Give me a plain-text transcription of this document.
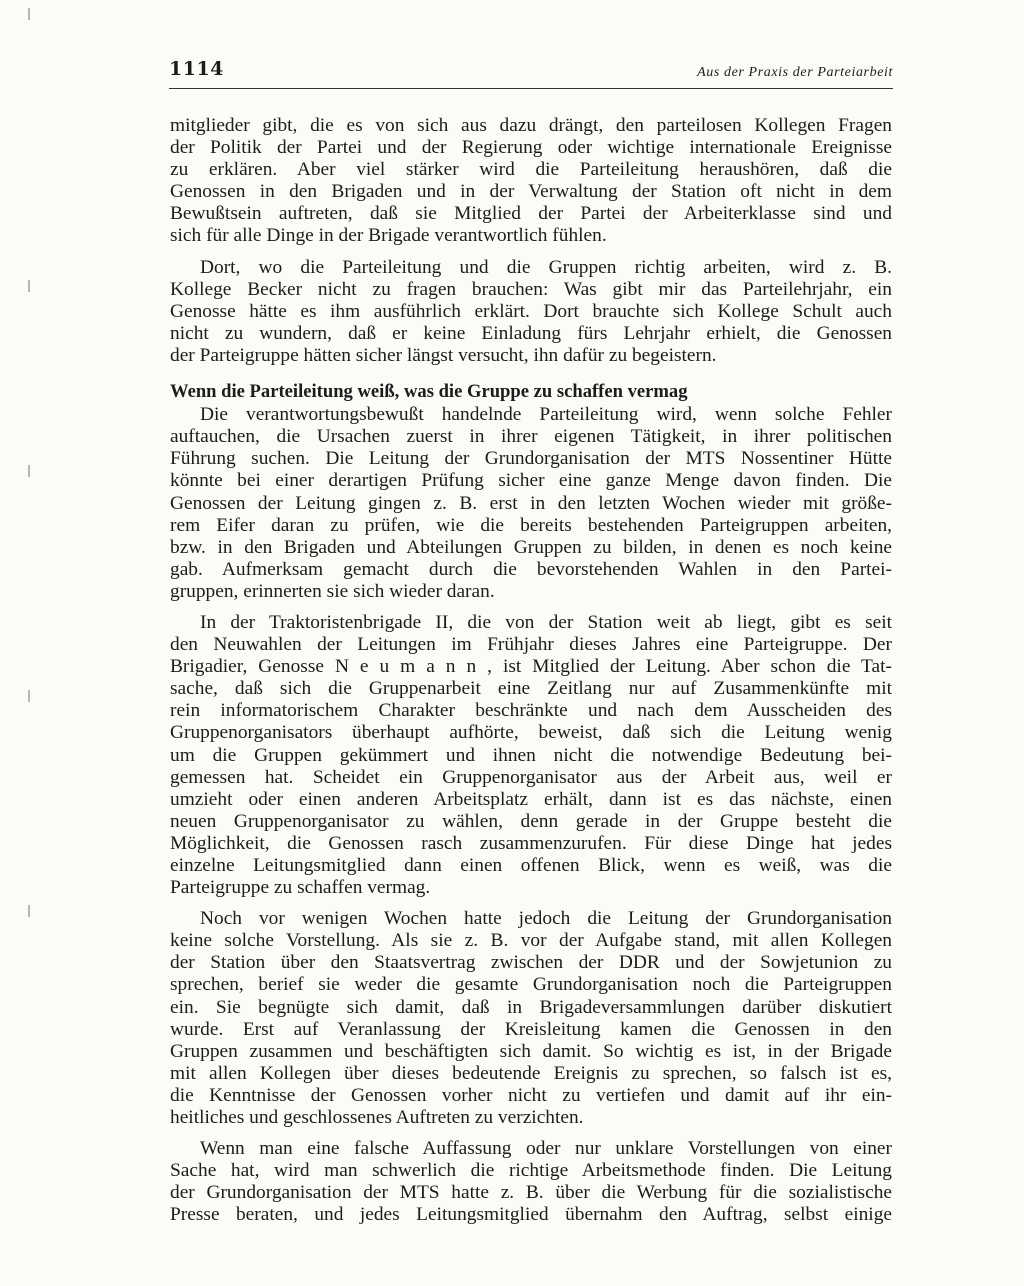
1114	Aus der Praxis der Parteiarbeit
mitglieder gibt, die es von sich aus dazu drängt, den parteilosen Kollegen Fragen
der Politik der Partei und der Regierung oder wichtige internationale Ereignisse
zu erklären. Aber viel stärker wird die Parteileitung heraushören, daß die
Genossen in den Brigaden und in der Verwaltung der Station oft nicht in dem
Bewußtsein auftreten, daß sie Mitglied der Partei der Arbeiterklasse sind und
sich für alle Dinge in der Brigade verantwortlich fühlen.
Dort, wo die Parteileitung und die Gruppen richtig arbeiten, wird z. B.
Kollege Becker nicht zu fragen brauchen: Was gibt mir das Parteilehrjahr, ein
Genosse hätte es ihm ausführlich erklärt. Dort brauchte sich Kollege Schult auch
nicht zu wundern, daß er keine Einladung fürs Lehrjahr erhielt, die Genossen
der Parteigruppe hätten sicher längst versucht, ihn dafür zu begeistern.
Wenn die Parteileitung weiß, was die Gruppe zu schaffen vermag
Die verantwortungsbewußt handelnde Parteileitung wird, wenn solche Fehler
auftauchen, die Ursachen zuerst in ihrer eigenen Tätigkeit, in ihrer politischen
Führung suchen. Die Leitung der Grundorganisation der MTS Nossentiner Hütte
könnte bei einer derartigen Prüfung sicher eine ganze Menge davon finden. Die
Genossen der Leitung gingen z. B. erst in den letzten Wochen wieder mit größe-
rem Eifer daran zu prüfen, wie die bereits bestehenden Parteigruppen arbeiten,
bzw. in den Brigaden und Abteilungen Gruppen zu bilden, in denen es noch keine
gab. Aufmerksam gemacht durch die bevorstehenden Wahlen in den Partei-
gruppen, erinnerten sie sich wieder daran.
In der Traktoristenbrigade II, die von der Station weit ab liegt, gibt es seit
den Neuwahlen der Leitungen im Frühjahr dieses Jahres eine Parteigruppe. Der
Brigadier, Genosse N e u m a n n , ist Mitglied der Leitung. Aber schon die Tat-
sache, daß sich die Gruppenarbeit eine Zeitlang nur auf Zusammenkünfte mit
rein informatorischem Charakter beschränkte und nach dem Ausscheiden des
Gruppenorganisators überhaupt aufhörte, beweist, daß sich die Leitung wenig
um die Gruppen gekümmert und ihnen nicht die notwendige Bedeutung bei-
gemessen hat. Scheidet ein Gruppenorganisator aus der Arbeit aus, weil er
umzieht oder einen anderen Arbeitsplatz erhält, dann ist es das nächste, einen
neuen Gruppenorganisator zu wählen, denn gerade in der Gruppe besteht die
Möglichkeit, die Genossen rasch zusammenzurufen. Für diese Dinge hat jedes
einzelne Leitungsmitglied dann einen offenen Blick, wenn es weiß, was die
Parteigruppe zu schaffen vermag.
Noch vor wenigen Wochen hatte jedoch die Leitung der Grundorganisation
keine solche Vorstellung. Als sie z. B. vor der Aufgabe stand, mit allen Kollegen
der Station über den Staatsvertrag zwischen der DDR und der Sowjetunion zu
sprechen, berief sie weder die gesamte Grundorganisation noch die Parteigruppen
ein. Sie begnügte sich damit, daß in Brigadeversammlungen darüber diskutiert
wurde. Erst auf Veranlassung der Kreisleitung kamen die Genossen in den
Gruppen zusammen und beschäftigten sich damit. So wichtig es ist, in der Brigade
mit allen Kollegen über dieses bedeutende Ereignis zu sprechen, so falsch ist es,
die Kenntnisse der Genossen vorher nicht zu vertiefen und damit auf ihr ein-
heitliches und geschlossenes Auftreten zu verzichten.
Wenn man eine falsche Auffassung oder nur unklare Vorstellungen von einer
Sache hat, wird man schwerlich die richtige Arbeitsmethode finden. Die Leitung
der Grundorganisation der MTS hatte z. B. über die Werbung für die sozialistische
Presse beraten, und jedes Leitungsmitglied übernahm den Auftrag, selbst einige
